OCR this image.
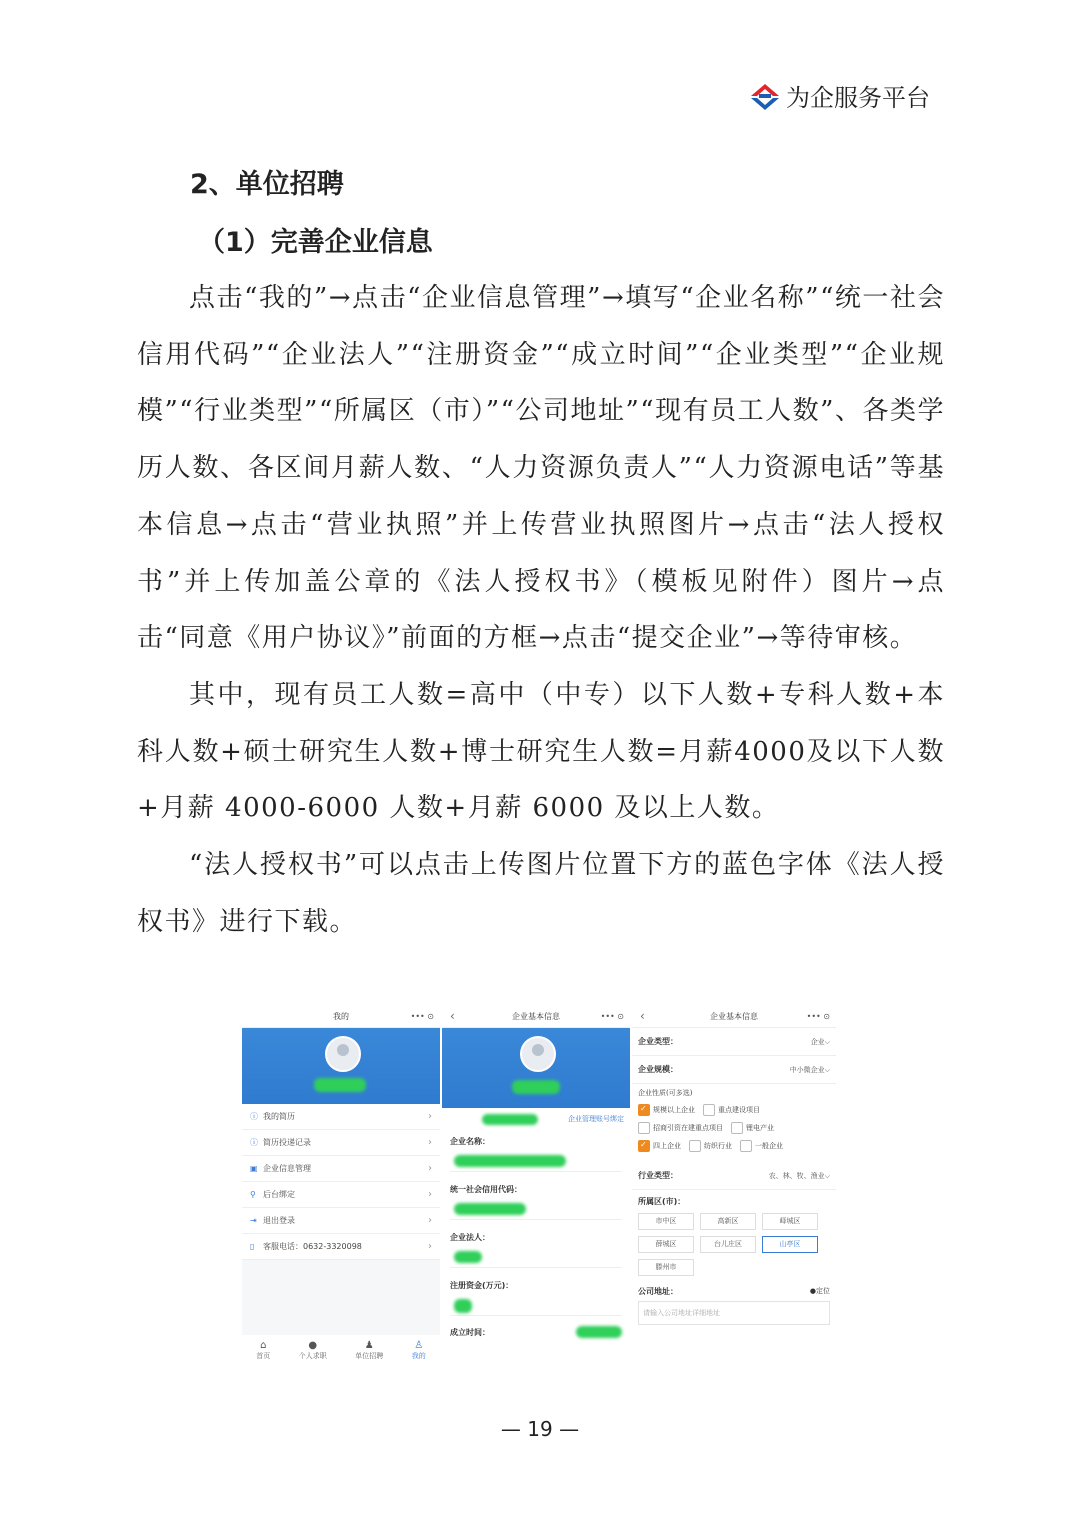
为企服务平台
2、单位招聘
（1）完善企业信息

点击“我的”→点击“企业信息管理”→填写“企业名称”“统一社会信用代码”“企业法人”“注册资金”“成立时间”“企业类型”“企业规模”“行业类型”“所属区（市）”“公司地址”“现有员工人数”、各类学历人数、各区间月薪人数、“人力资源负责人”“人力资源电话”等基本信息→点击“营业执照”并上传营业执照图片→点击“法人授权书”并上传加盖公章的《法人授权书》（模板见附件）图片→点击“同意《用户协议》”前面的方框→点击“提交企业”→等待审核。

其中，现有员工人数=高中（中专）以下人数+专科人数+本科人数+硕士研究生人数+博士研究生人数=月薪4000及以下人数+月薪 4000-6000 人数+月薪 6000 及以上人数。

“法人授权书”可以点击上传图片位置下方的蓝色字体《法人授权书》进行下载。

我的	••• ⊙
ⓘ 我的简历	›
ⓘ 简历投递记录	›
▣ 企业信息管理	›
⚲ 后台绑定	›
⇥ 退出登录	›
▯	客服电话：0632-3320098	›
⌂
首页
●
个人求职
♟
单位招聘
♙
我的
‹	企业基本信息	••• ⊙
企业管理账号绑定
企业名称：
统一社会信用代码：
企业法人：
注册资金(万元)：
成立时间：
‹	企业基本信息	••• ⊙
企业类型：	企业⌵
企业规模：	中小微企业⌵
企业性质(可多选)
✓
规模以上企业	重点建设项目
招商引资在建重点项目	锂电产业
✓
四上企业	纺织行业	一般企业
行业类型：	农、林、牧、渔业⌵
所属区(市)：
市中区	高新区	峄城区
薛城区	台儿庄区	山亭区
滕州市
公司地址：	●定位
请输入公司地址详细地址
— 19 —
